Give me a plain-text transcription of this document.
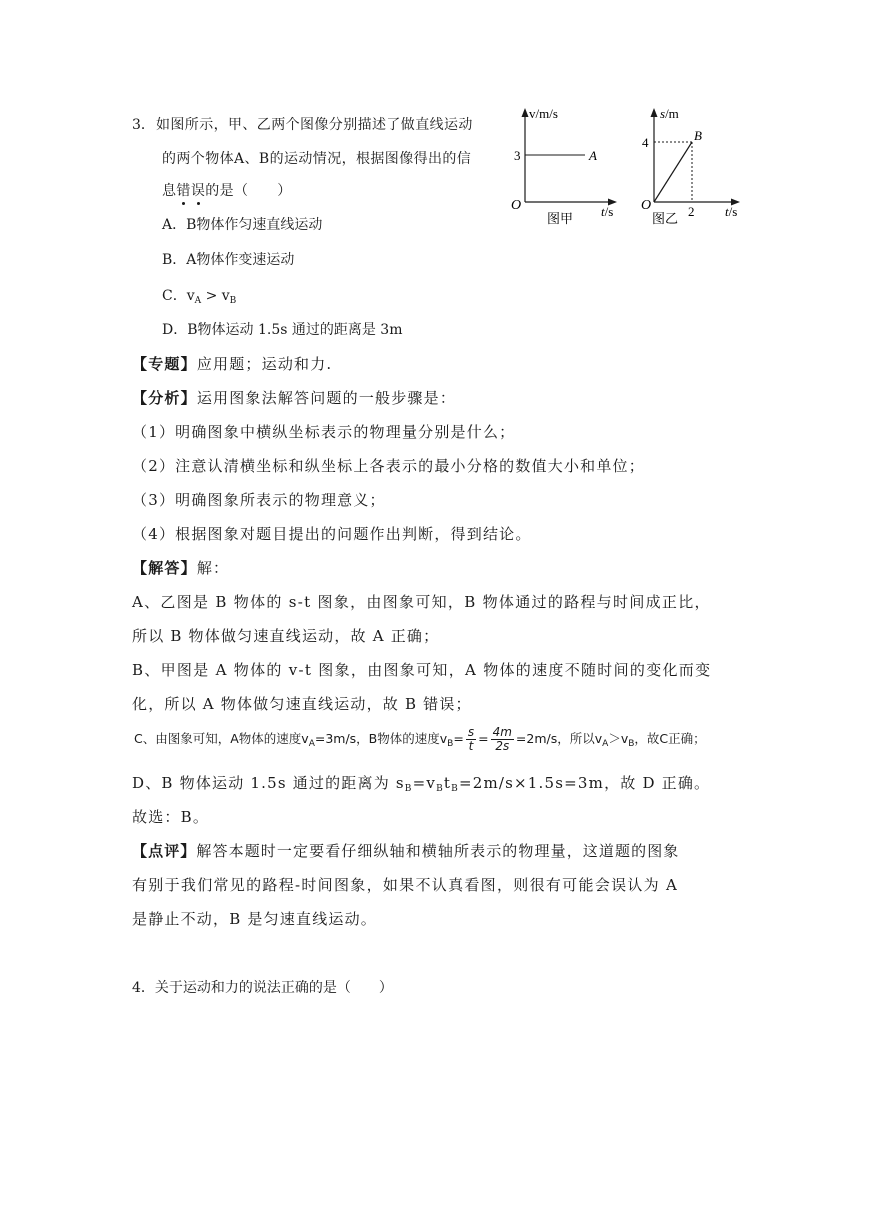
3． 如图所示，甲、乙两个图像分别描述了做直线运动
的两个物体A、B的运动情况，根据图像得出的信
息错误的是（　　）
A．B物体作匀速直线运动
B．A物体作变速运动
C．$v_A > v_B$
D．B物体运动 1.5s 通过的距离是 3m
v/m/s
3	A
O	t/s
图甲
s/m
4	B
O	2 t/s
图乙
【专题】应用题；运动和力.
【分析】运用图象法解答问题的一般步骤是：
（1）明确图象中横纵坐标表示的物理量分别是什么；
（2）注意认清横坐标和纵坐标上各表示的最小分格的数值大小和单位；
（3）明确图象所表示的物理意义；
（4）根据图象对题目提出的问题作出判断，得到结论。
【解答】解：
A、乙图是 B 物体的 s-t 图象，由图象可知，B 物体通过的路程与时间成正比，
所以 B 物体做匀速直线运动，故 A 正确；
B、甲图是 A 物体的 v-t 图象，由图象可知，A 物体的速度不随时间的变化而变
化，所以 A 物体做匀速直线运动，故 B 错误；
C、由图象可知，A物体的速度$v_A=3m/s$，B物体的速度$v_B= \frac{s}{t} = \frac{4m}{2s} =2m/s$，所以$v_A>v_B$，故C正确；
D、B 物体运动 1.5s 通过的距离为 $s_B=v_Bt_B=2m/s\times 1.5s=3m$，故 D 正确。
故选：B。
【点评】解答本题时一定要看仔细纵轴和横轴所表示的物理量，这道题的图象
有别于我们常见的路程-时间图象，如果不认真看图，则很有可能会误认为 A
是静止不动，B 是匀速直线运动。
4．关于运动和力的说法正确的是（　　）
